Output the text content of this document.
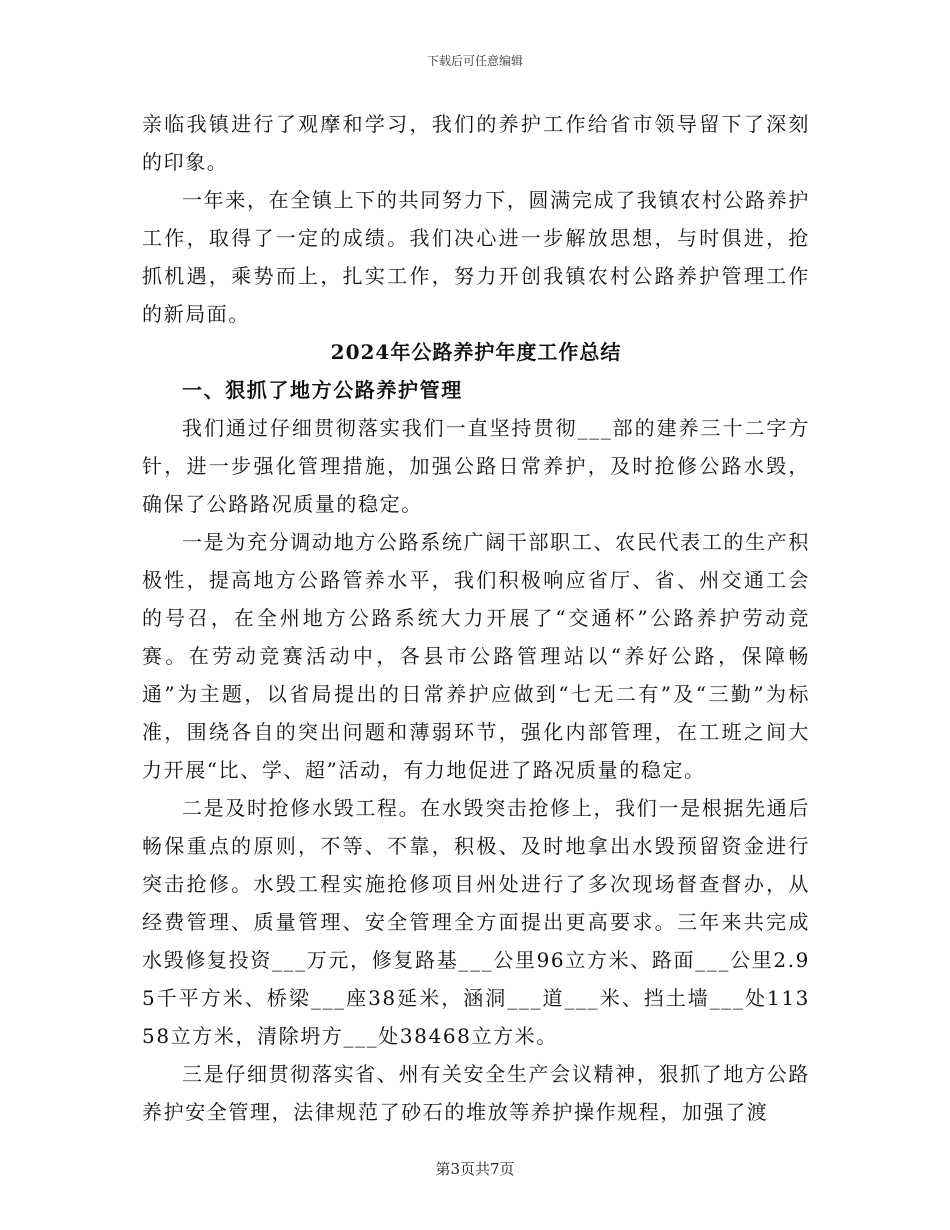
下载后可任意编辑

亲临我镇进行了观摩和学习，我们的养护工作给省市领导留下了深刻的印象。

一年来，在全镇上下的共同努力下，圆满完成了我镇农村公路养护工作，取得了一定的成绩。我们决心进一步解放思想，与时俱进，抢抓机遇，乘势而上，扎实工作，努力开创我镇农村公路养护管理工作的新局面。

2024年公路养护年度工作总结

一、狠抓了地方公路养护管理

我们通过仔细贯彻落实我们一直坚持贯彻___部的建养三十二字方针，进一步强化管理措施，加强公路日常养护，及时抢修公路水毁，确保了公路路况质量的稳定。

一是为充分调动地方公路系统广阔干部职工、农民代表工的生产积极性，提高地方公路管养水平，我们积极响应省厅、省、州交通工会的号召，在全州地方公路系统大力开展了“交通杯”公路养护劳动竞赛。在劳动竞赛活动中，各县市公路管理站以“养好公路，保障畅通”为主题，以省局提出的日常养护应做到“七无二有”及“三勤”为标准，围绕各自的突出问题和薄弱环节，强化内部管理，在工班之间大力开展“比、学、超”活动，有力地促进了路况质量的稳定。

二是及时抢修水毁工程。在水毁突击抢修上，我们一是根据先通后畅保重点的原则，不等、不靠，积极、及时地拿出水毁预留资金进行突击抢修。水毁工程实施抢修项目州处进行了多次现场督查督办，从经费管理、质量管理、安全管理全方面提出更高要求。三年来共完成水毁修复投资___万元，修复路基___公里96立方米、路面___公里2.95千平方米、桥梁___座38延米，涵洞___道___米、挡土墙___处11358立方米，清除坍方___处38468立方米。

三是仔细贯彻落实省、州有关安全生产会议精神，狠抓了地方公路养护安全管理，法律规范了砂石的堆放等养护操作规程，加强了渡

第3页共7页
